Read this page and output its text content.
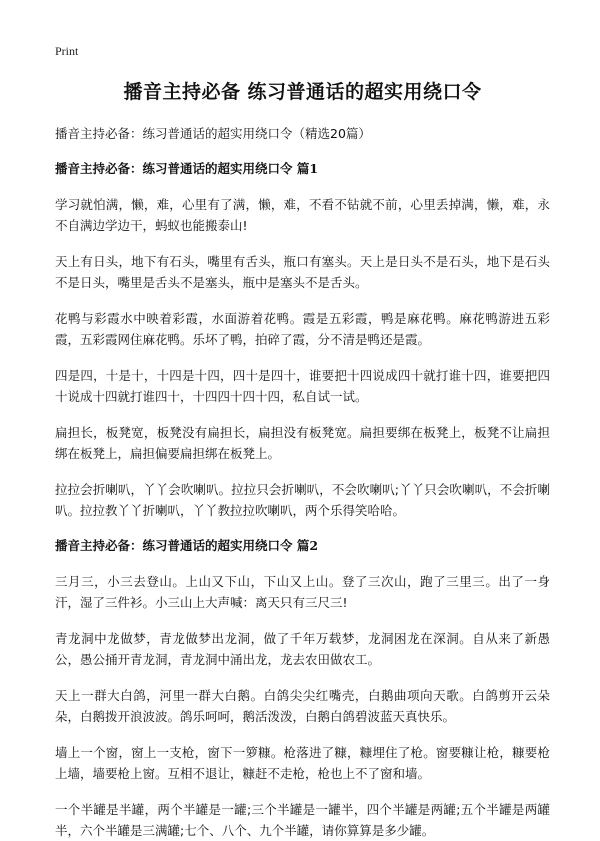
Print
播音主持必备 练习普通话的超实用绕口令
播音主持必备：练习普通话的超实用绕口令（精选20篇）
播音主持必备：练习普通话的超实用绕口令 篇1

学习就怕满，懒，难，心里有了满，懒，难，不看不钻就不前，心里丢掉满，懒，难，永不自满边学边干，蚂蚁也能搬泰山!

天上有日头，地下有石头，嘴里有舌头，瓶口有塞头。天上是日头不是石头，地下是石头不是日头，嘴里是舌头不是塞头，瓶中是塞头不是舌头。

花鸭与彩霞水中映着彩霞，水面游着花鸭。霞是五彩霞，鸭是麻花鸭。麻花鸭游进五彩霞，五彩霞网住麻花鸭。乐坏了鸭，拍碎了霞，分不清是鸭还是霞。

四是四，十是十，十四是十四，四十是四十，谁要把十四说成四十就打谁十四，谁要把四十说成十四就打谁四十，十四四十四十四，私自试一试。

扁担长，板凳宽，板凳没有扁担长，扁担没有板凳宽。扁担要绑在板凳上，板凳不让扁担绑在板凳上，扁担偏要扁担绑在板凳上。

拉拉会折喇叭，丫丫会吹喇叭。拉拉只会折喇叭，不会吹喇叭;丫丫只会吹喇叭，不会折喇叭。拉拉教丫丫折喇叭，丫丫教拉拉吹喇叭，两个乐得笑哈哈。

播音主持必备：练习普通话的超实用绕口令 篇2

三月三，小三去登山。上山又下山，下山又上山。登了三次山，跑了三里三。出了一身汗，湿了三件衫。小三山上大声喊：离天只有三尺三!

青龙洞中龙做梦，青龙做梦出龙洞，做了千年万载梦，龙洞困龙在深洞。自从来了新愚公，愚公捅开青龙洞，青龙洞中涌出龙，龙去农田做农工。

天上一群大白鸽，河里一群大白鹅。白鸽尖尖红嘴壳，白鹅曲项向天歌。白鸽剪开云朵朵，白鹅拨开浪波波。鸽乐呵呵，鹅活泼泼，白鹅白鸽碧波蓝天真快乐。

墙上一个窗，窗上一支枪，窗下一箩糠。枪落进了糠，糠埋住了枪。窗要糠让枪，糠要枪上墙，墙要枪上窗。互相不退让，糠赶不走枪，枪也上不了窗和墙。

一个半罐是半罐，两个半罐是一罐;三个半罐是一罐半，四个半罐是两罐;五个半罐是两罐半，六个半罐是三满罐;七个、八个、九个半罐，请你算算是多少罐。
